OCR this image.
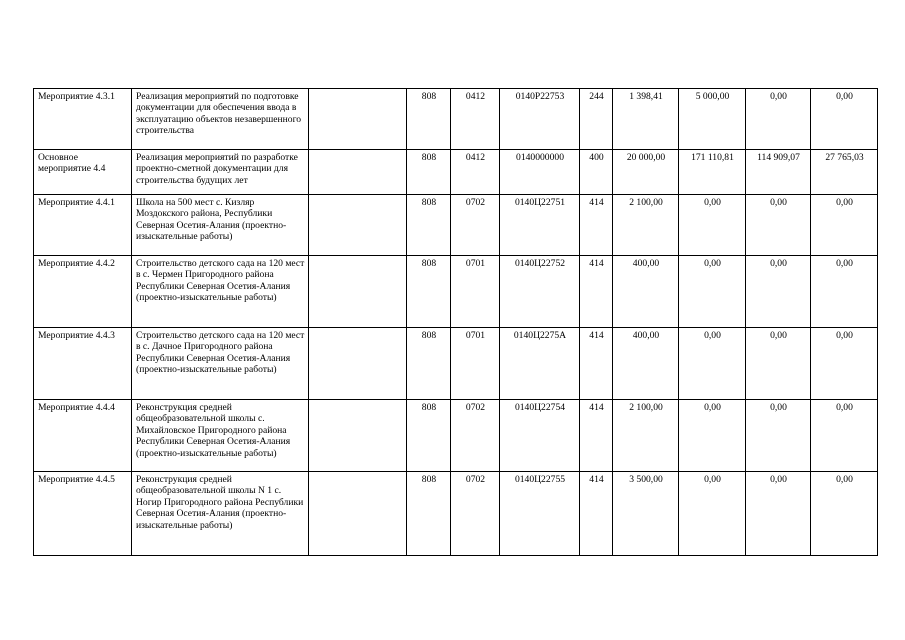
Мероприятие 4.3.1	Реализация мероприятий по подготовке документации для обеспечения ввода в эксплуатацию объектов незавершенного строительства		808	0412	0140Р22753	244	1 398,41	5 000,00	0,00	0,00
Основное мероприятие 4.4	Реализация мероприятий по разработке проектно-сметной документации для строительства будущих лет		808	0412	0140000000	400	20 000,00	171 110,81	114 909,07	27 765,03
Мероприятие 4.4.1	Школа на 500 мест с. Кизляр Моздокского района, Республики Северная Осетия-Алания (проектно-изыскательные работы)		808	0702	0140Ц22751	414	2 100,00	0,00	0,00	0,00
Мероприятие 4.4.2	Строительство детского сада на 120 мест в с. Чермен Пригородного района Республики Северная Осетия-Алания (проектно-изыскательные работы)		808	0701	0140Ц22752	414	400,00	0,00	0,00	0,00
Мероприятие 4.4.3	Строительство детского сада на 120 мест в с. Дачное Пригородного района Республики Северная Осетия-Алания (проектно-изыскательные работы)		808	0701	0140Ц2275А	414	400,00	0,00	0,00	0,00
Мероприятие 4.4.4	Реконструкция средней общеобразовательной школы с. Михайловское Пригородного района Республики Северная Осетия-Алания (проектно-изыскательные работы)		808	0702	0140Ц22754	414	2 100,00	0,00	0,00	0,00
Мероприятие 4.4.5	Реконструкция средней общеобразовательной школы N 1 с. Ногир Пригородного района Республики Северная Осетия-Алания (проектно-изыскательные работы)		808	0702	0140Ц22755	414	3 500,00	0,00	0,00	0,00
